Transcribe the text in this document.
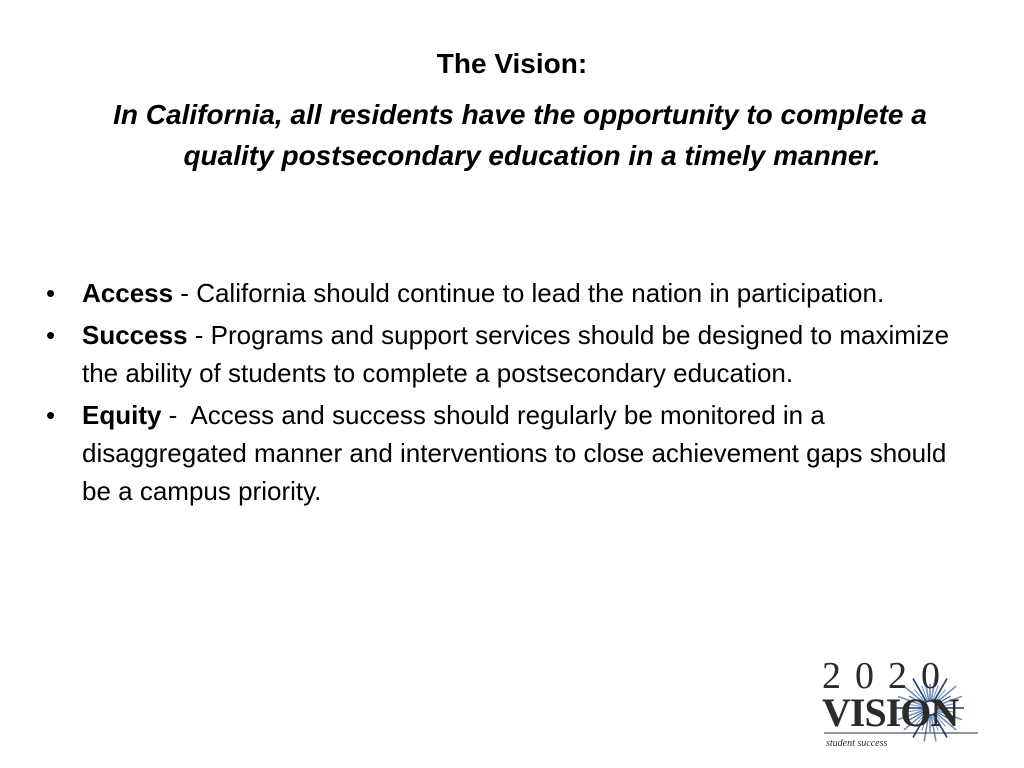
The Vision:
In California, all residents have the opportunity to complete a quality postsecondary education in a timely manner.
• Access - California should continue to lead the nation in participation.
• Success - Programs and support services should be designed to maximize the ability of students to complete a postsecondary education.
• Equity -  Access and success should regularly be monitored in a disaggregated manner and interventions to close achievement gaps should be a campus priority.
2020
VISION
student success
